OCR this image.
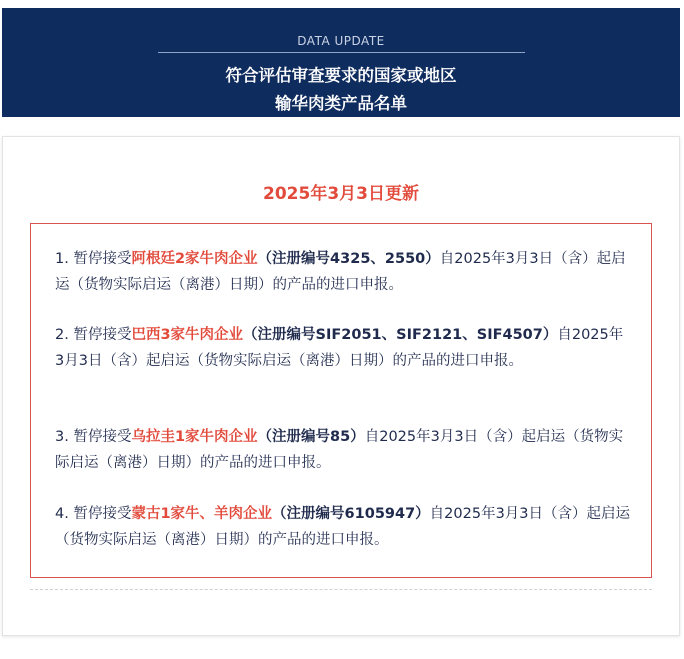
DATA UPDATE
符合评估审查要求的国家或地区
输华肉类产品名单
2025年3月3日更新

1. 暂停接受阿根廷2家牛肉企业（注册编号4325、2550）自2025年3月3日（含）起启运（货物实际启运（离港）日期）的产品的进口申报。

2. 暂停接受巴西3家牛肉企业（注册编号SIF2051、SIF2121、SIF4507）自2025年3月3日（含）起启运（货物实际启运（离港）日期）的产品的进口申报。

3. 暂停接受乌拉圭1家牛肉企业（注册编号85）自2025年3月3日（含）起启运（货物实际启运（离港）日期）的产品的进口申报。

4. 暂停接受蒙古1家牛、羊肉企业（注册编号6105947）自2025年3月3日（含）起启运（货物实际启运（离港）日期）的产品的进口申报。
